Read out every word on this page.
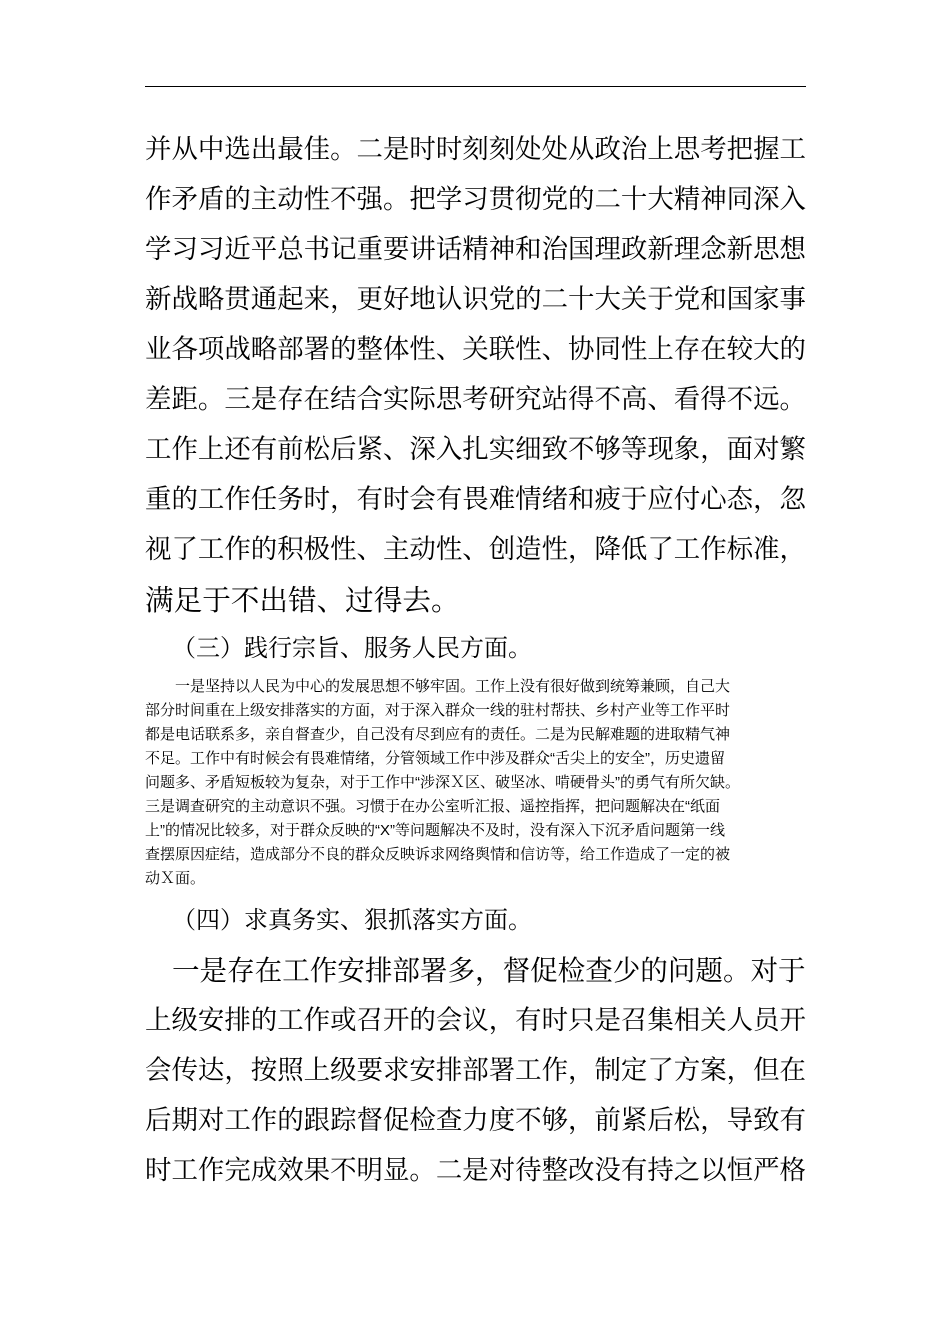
并从中选出最佳。二是时时刻刻处处从政治上思考把握工

作矛盾的主动性不强。把学习贯彻党的二十大精神同深入

学习习近平总书记重要讲话精神和治国理政新理念新思想

新战略贯通起来，更好地认识党的二十大关于党和国家事

业各项战略部署的整体性、关联性、协同性上存在较大的

差距。三是存在结合实际思考研究站得不高、看得不远。

工作上还有前松后紧、深入扎实细致不够等现象，面对繁

重的工作任务时，有时会有畏难情绪和疲于应付心态，忽

视了工作的积极性、主动性、创造性，降低了工作标准，

满足于不出错、过得去。

（三）践行宗旨、服务人民方面。

一是坚持以人民为中心的发展思想不够牢固。工作上没有很好做到统筹兼顾，自己大

部分时间重在上级安排落实的方面，对于深入群众一线的驻村帮扶、乡村产业等工作平时

都是电话联系多，亲自督查少，自己没有尽到应有的责任。二是为民解难题的进取精气神

不足。工作中有时候会有畏难情绪，分管领域工作中涉及群众“舌尖上的安全”，历史遗留

问题多、矛盾短板较为复杂，对于工作中“涉深Ｘ区、破坚冰、啃硬骨头”的勇气有所欠缺。

三是调查研究的主动意识不强。习惯于在办公室听汇报、遥控指挥，把问题解决在“纸面

上”的情况比较多，对于群众反映的“X”等问题解决不及时，没有深入下沉矛盾问题第一线

查摆原因症结，造成部分不良的群众反映诉求网络舆情和信访等，给工作造成了一定的被

动Ｘ面。

（四）求真务实、狠抓落实方面。

一是存在工作安排部署多，督促检查少的问题。对于

上级安排的工作或召开的会议，有时只是召集相关人员开

会传达，按照上级要求安排部署工作，制定了方案，但在

后期对工作的跟踪督促检查力度不够，前紧后松，导致有

时工作完成效果不明显。二是对待整改没有持之以恒严格
